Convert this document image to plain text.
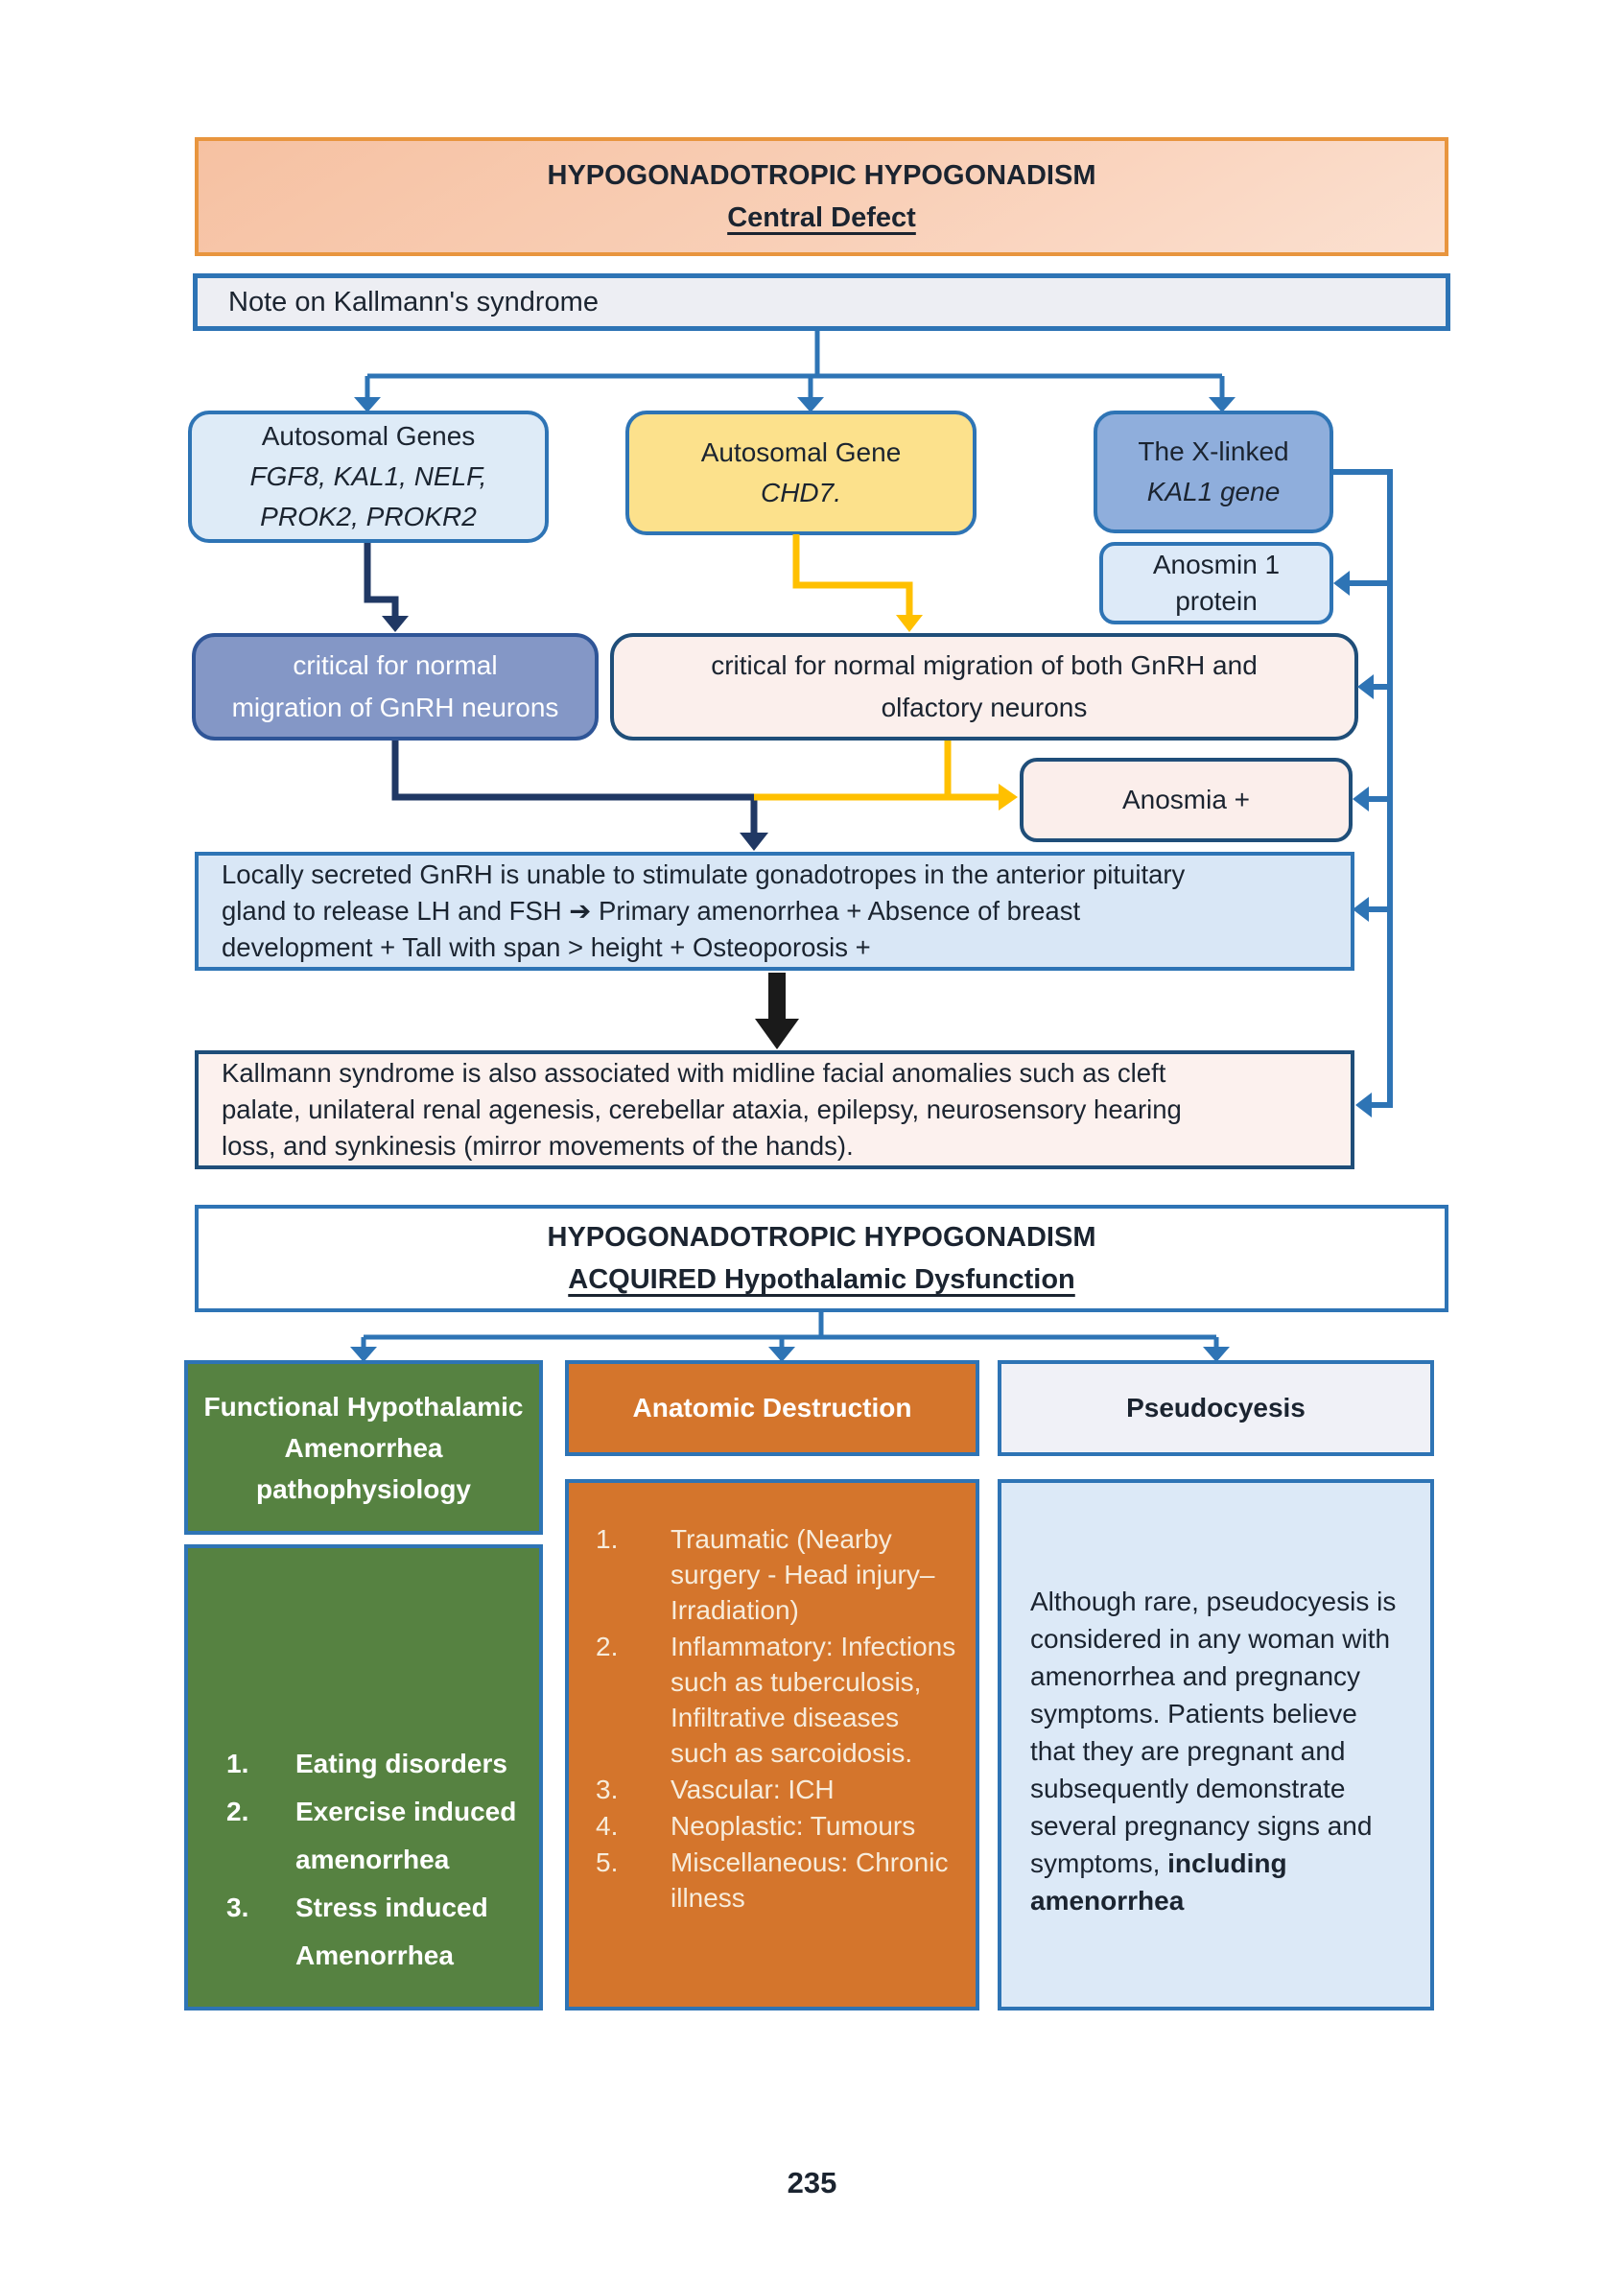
HYPOGONADOTROPIC HYPOGONADISM
Central Defect
Note on Kallmann's syndrome
Autosomal Genes
FGF8, KAL1, NELF,
PROK2, PROKR2
Autosomal Gene
CHD7.
The X-linked
KAL1 gene
Anosmin 1
protein
critical for normal
migration of GnRH neurons
critical for normal migration of both GnRH and
olfactory neurons
Anosmia +
Locally secreted GnRH is unable to stimulate gonadotropes in the anterior pituitary
gland to release LH and FSH ➔ Primary amenorrhea + Absence of breast
development + Tall with span > height + Osteoporosis +
Kallmann syndrome is also associated with midline facial anomalies such as cleft
palate, unilateral renal agenesis, cerebellar ataxia, epilepsy, neurosensory hearing
loss, and synkinesis (mirror movements of the hands).
HYPOGONADOTROPIC HYPOGONADISM
ACQUIRED Hypothalamic Dysfunction
Functional Hypothalamic Amenorrhea pathophysiology
1.	Eating disorders
2.	Exercise induced amenorrhea
3.	Stress induced Amenorrhea
Anatomic Destruction
1.	Traumatic (Nearby surgery - Head injury– Irradiation)
2.	Inflammatory: Infections such as tuberculosis, Infiltrative diseases such as sarcoidosis.
3.	Vascular: ICH
4.	Neoplastic: Tumours
5.	Miscellaneous: Chronic illness
Pseudocyesis
Although rare, pseudocyesis is considered in any woman with amenorrhea and pregnancy symptoms. Patients believe that they are pregnant and subsequently demonstrate several pregnancy signs and symptoms, including amenorrhea
235
